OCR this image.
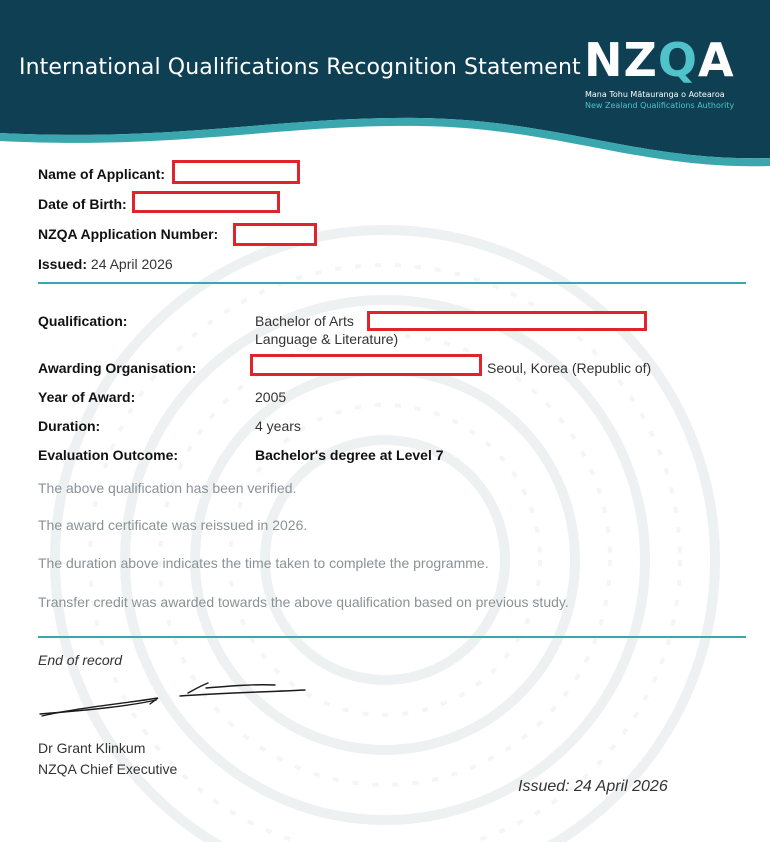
International Qualifications Recognition Statement NZQA
Mana Tohu Mātauranga o Aotearoa
New Zealand Qualifications Authority
Name of Applicant:
Date of Birth:
NZQA Application Number:
Issued: 24 April 2026
Qualification:	Bachelor of Arts
Language & Literature)
Awarding Organisation:	Seoul, Korea (Republic of)
Year of Award:	2005
Duration:	4 years
Evaluation Outcome:	Bachelor's degree at Level 7
The above qualification has been verified.
The award certificate was reissued in 2026.
The duration above indicates the time taken to complete the programme.
Transfer credit was awarded towards the above qualification based on previous study.
End of record
Dr Grant Klinkum
NZQA Chief Executive
Issued: 24 April 2026
